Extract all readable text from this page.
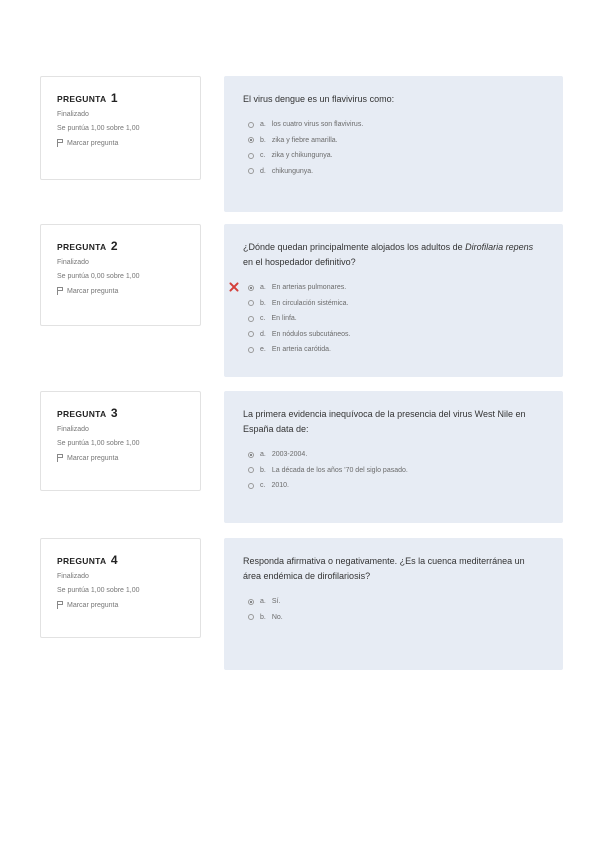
PREGUNTA 1
Finalizado
Se puntúa 1,00 sobre 1,00
Marcar pregunta
El virus dengue es un flavivirus como:
a. los cuatro virus son flavivirus.
b. zika y fiebre amarilla.
c. zika y chikungunya.
d. chikungunya.
PREGUNTA 2
Finalizado
Se puntúa 0,00 sobre 1,00
Marcar pregunta
¿Dónde quedan principalmente alojados los adultos de Dirofilaria repens en el hospedador definitivo?
a. En arterias pulmonares.
b. En circulación sistémica.
c. En linfa.
d. En nódulos subcutáneos.
e. En arteria carótida.
PREGUNTA 3
Finalizado
Se puntúa 1,00 sobre 1,00
Marcar pregunta
La primera evidencia inequívoca de la presencia del virus West Nile en España data de:
a. 2003-2004.
b. La década de los años '70 del siglo pasado.
c. 2010.
PREGUNTA 4
Finalizado
Se puntúa 1,00 sobre 1,00
Marcar pregunta
Responda afirmativa o negativamente. ¿Es la cuenca mediterránea un área endémica de dirofilariosis?
a. Sí.
b. No.
